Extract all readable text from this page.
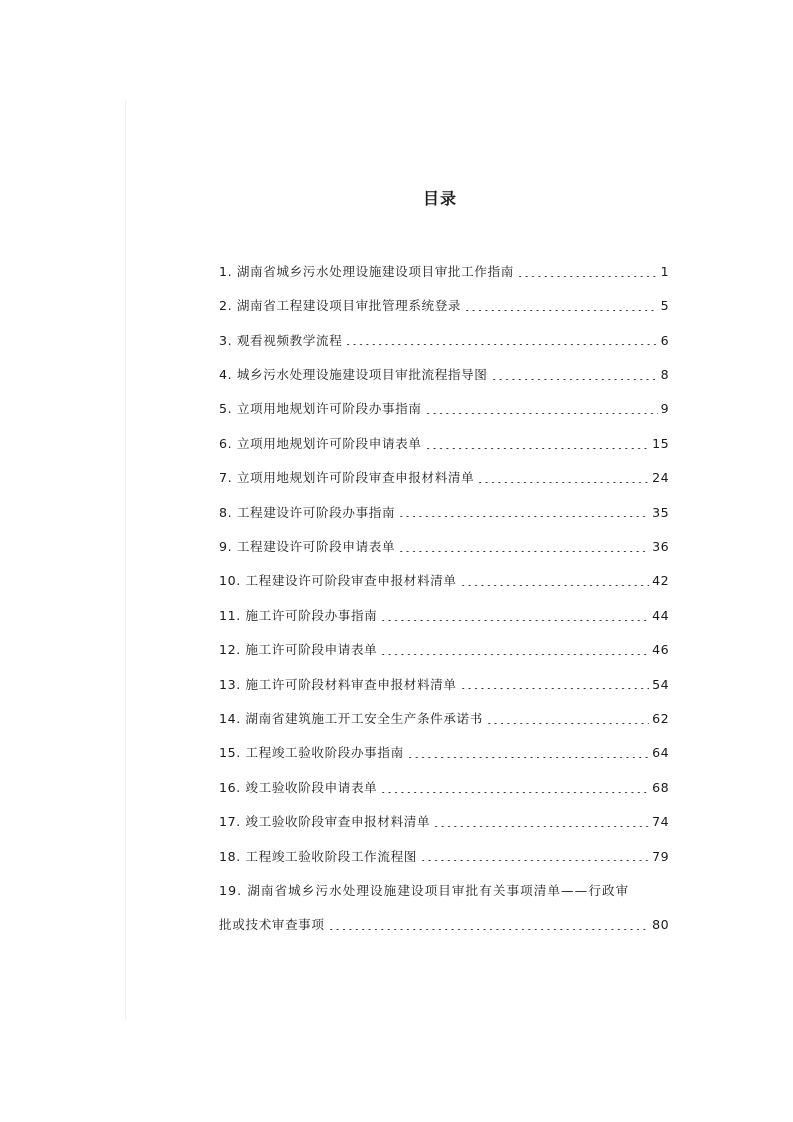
目录
1. 湖南省城乡污水处理设施建设项目审批工作指南	1
2. 湖南省工程建设项目审批管理系统登录	5
3. 观看视频教学流程	6
4. 城乡污水处理设施建设项目审批流程指导图	8
5. 立项用地规划许可阶段办事指南	9
6. 立项用地规划许可阶段申请表单	15
7. 立项用地规划许可阶段审查申报材料清单	24
8. 工程建设许可阶段办事指南	35
9. 工程建设许可阶段申请表单	36
10. 工程建设许可阶段审查申报材料清单	42
11. 施工许可阶段办事指南	44
12. 施工许可阶段申请表单	46
13. 施工许可阶段材料审查申报材料清单	54
14. 湖南省建筑施工开工安全生产条件承诺书	62
15. 工程竣工验收阶段办事指南	64
16. 竣工验收阶段申请表单	68
17. 竣工验收阶段审查申报材料清单	74
18. 工程竣工验收阶段工作流程图	79
19. 湖南省城乡污水处理设施建设项目审批有关事项清单——行政审
批或技术审查事项	80
